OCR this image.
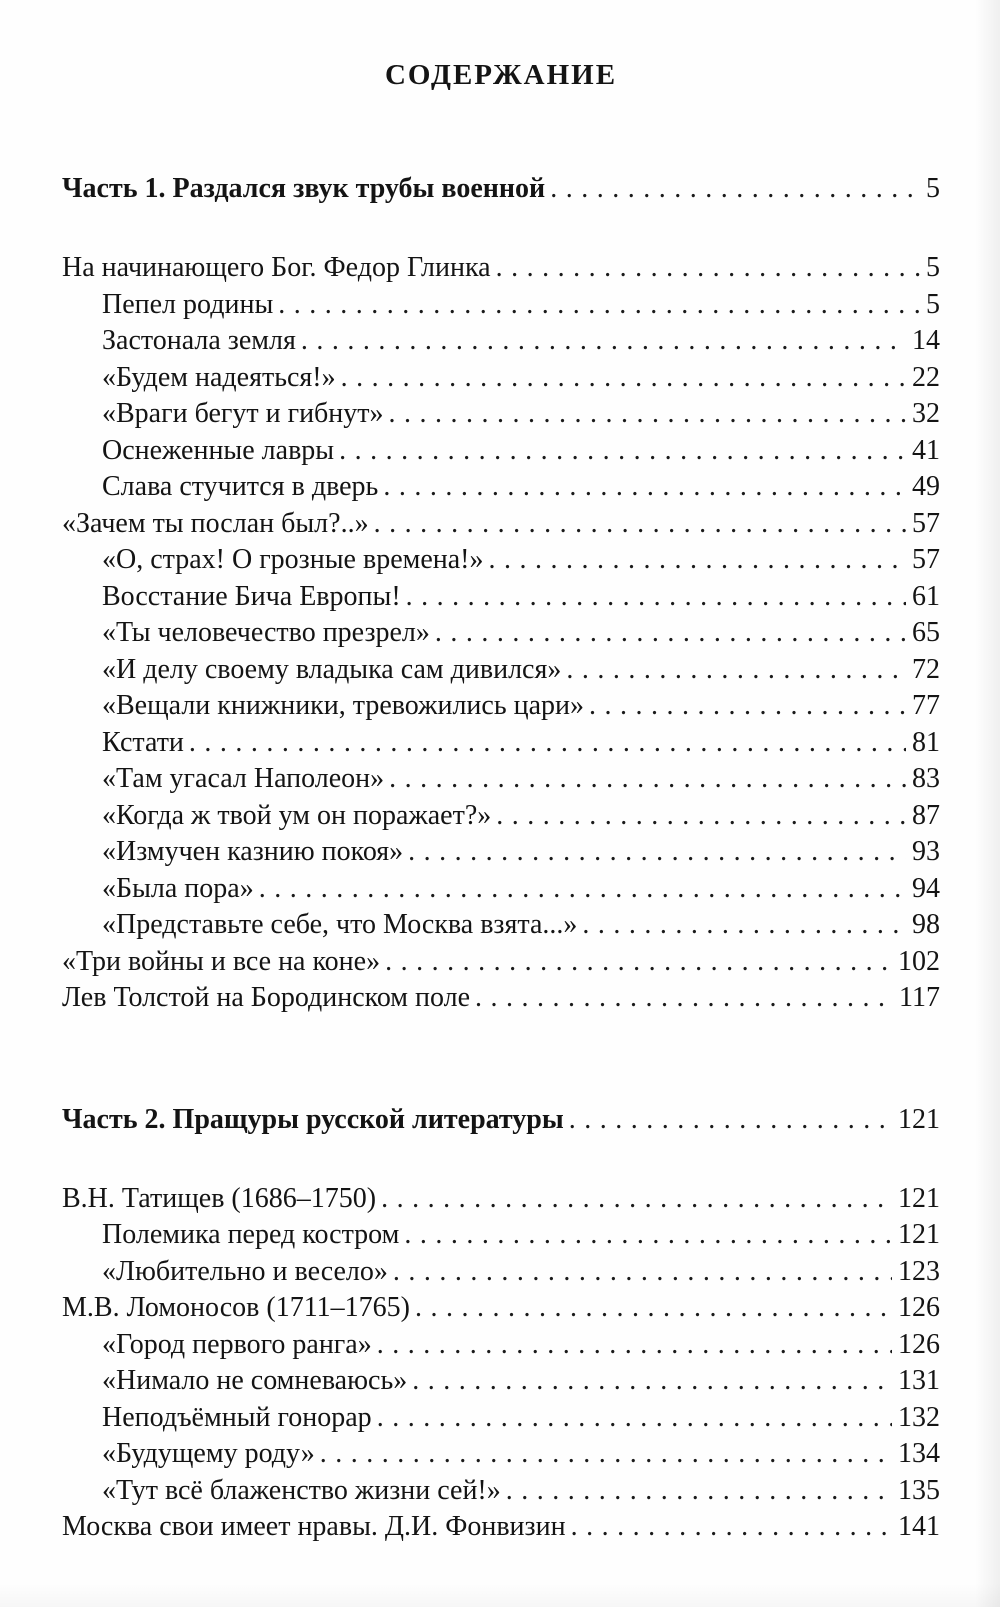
СОДЕРЖАНИЕ
Часть 1. Раздался звук трубы военной .....	5
На начинающего Бог. Федор Глинка .....	5
Пепел родины .....	5
Застонала земля .....	14
«Будем надеяться!» .....	22
«Враги бегут и гибнут» .....	32
Оснеженные лавры .....	41
Слава стучится в дверь .....	49
«Зачем ты послан был?..» .....	57
«О, страх! О грозные времена!» .....	57
Восстание Бича Европы! .....	61
«Ты человечество презрел» .....	65
«И делу своему владыка сам дивился» .....	72
«Вещали книжники, тревожились цари» .....	77
Кстати .....	81
«Там угасал Наполеон» .....	83
«Когда ж твой ум он поражает?» .....	87
«Измучен казнию покоя» .....	93
«Была пора» .....	94
«Представьте себе, что Москва взята...» .....	98
«Три войны и все на коне» .....	102
Лев Толстой на Бородинском поле .....	117
Часть 2. Пращуры русской литературы .....	121
В.Н. Татищев (1686–1750) .....	121
Полемика перед костром .....	121
«Любительно и весело» .....	123
М.В. Ломоносов (1711–1765) .....	126
«Город первого ранга» .....	126
«Нимало не сомневаюсь» .....	131
Неподъёмный гонорар .....	132
«Будущему роду» .....	134
«Тут всё блаженство жизни сей!» .....	135
Москва свои имеет нравы. Д.И. Фонвизин .....	141
